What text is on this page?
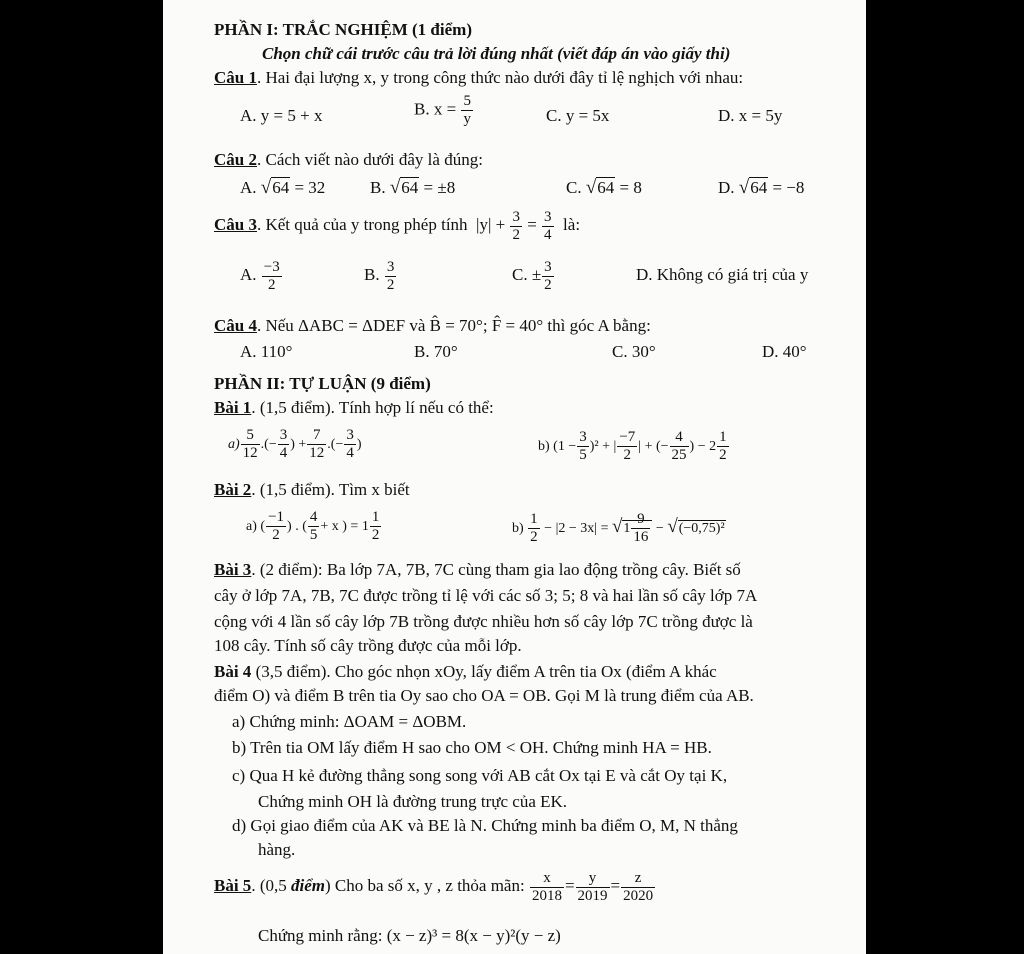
PHẦN I: TRẮC NGHIỆM (1 điểm)
Chọn chữ cái trước câu trả lời đúng nhất (viết đáp án vào giấy thi)
Câu 1. Hai đại lượng x, y trong công thức nào dưới đây tỉ lệ nghịch với nhau:
A. y = 5 + x	B. $x = \frac{5}{y}$	C. y = 5x	D. x = 5y
Câu 2. Cách viết nào dưới đây là đúng:
A. √64 = 32	B. √64 = ±8	C. √64 = 8	D. √64 = −8
Câu 3. Kết quả của y trong phép tính $|y| + \frac{3}{2} = \frac{3}{4}$ là:
A. $\frac{-3}{2}$	B. $\frac{3}{2}$	C. ± $\frac{3}{2}$	D. Không có giá trị của y
Câu 4. Nếu ΔABC = ΔDEF và B̂ = 70°; F̂ = 40° thì góc A bằng:
A. 110°	B. 70°	C. 30°	D. 40°
PHẦN II: TỰ LUẬN (9 điểm)
Bài 1. (1,5 điểm). Tính hợp lí nếu có thể:
$a) \frac{5}{12}$ .(− $\frac{3}{4}$ ) + $\frac{7}{12}$ .(− $\frac{3}{4}$ )	b) $(1 - \frac{3}{5} )^2$ + | $\frac{-7}{2}$ | + (− $\frac{4}{25}$ ) − $2 \frac{1}{2}$
Bài 2. (1,5 điểm). Tìm x biết
a) ( $\frac{-1}{2}$ ) . ( $\frac{4}{5} + x$ ) = $1 \frac{1}{2}$	$b) \frac{1}{2} - |2 - 3x| = √1 \frac{9}{16} - √(-0,75)^2$
Bài 3. (2 điểm): Ba lớp 7A, 7B, 7C cùng tham gia lao động trồng cây. Biết số
cây ở lớp 7A, 7B, 7C được trồng tỉ lệ với các số 3; 5; 8 và hai lần số cây lớp 7A
cộng với 4 lần số cây lớp 7B trồng được nhiều hơn số cây lớp 7C trồng được là
108 cây. Tính số cây trồng được của mỗi lớp.
Bài 4 (3,5 điểm). Cho góc nhọn xOy, lấy điểm A trên tia Ox (điểm A khác
điểm O) và điểm B trên tia Oy sao cho OA = OB. Gọi M là trung điểm của AB.
a) Chứng minh: ΔOAM = ΔOBM.
b) Trên tia OM lấy điểm H sao cho OM < OH. Chứng minh HA = HB.
c) Qua H kẻ đường thẳng song song với AB cắt Ox tại E và cắt Oy tại K,
Chứng minh OH là đường trung trực của EK.
d) Gọi giao điểm của AK và BE là N. Chứng minh ba điểm O, M, N thẳng
hàng.
Bài 5. (0,5 điểm) Cho ba số x, y , z thỏa mãn: $\frac{x}{2018} = \frac{y}{2019} = \frac{z}{2020}$
Chứng minh rằng: (x − z)³ = 8(x − y)²(y − z)
